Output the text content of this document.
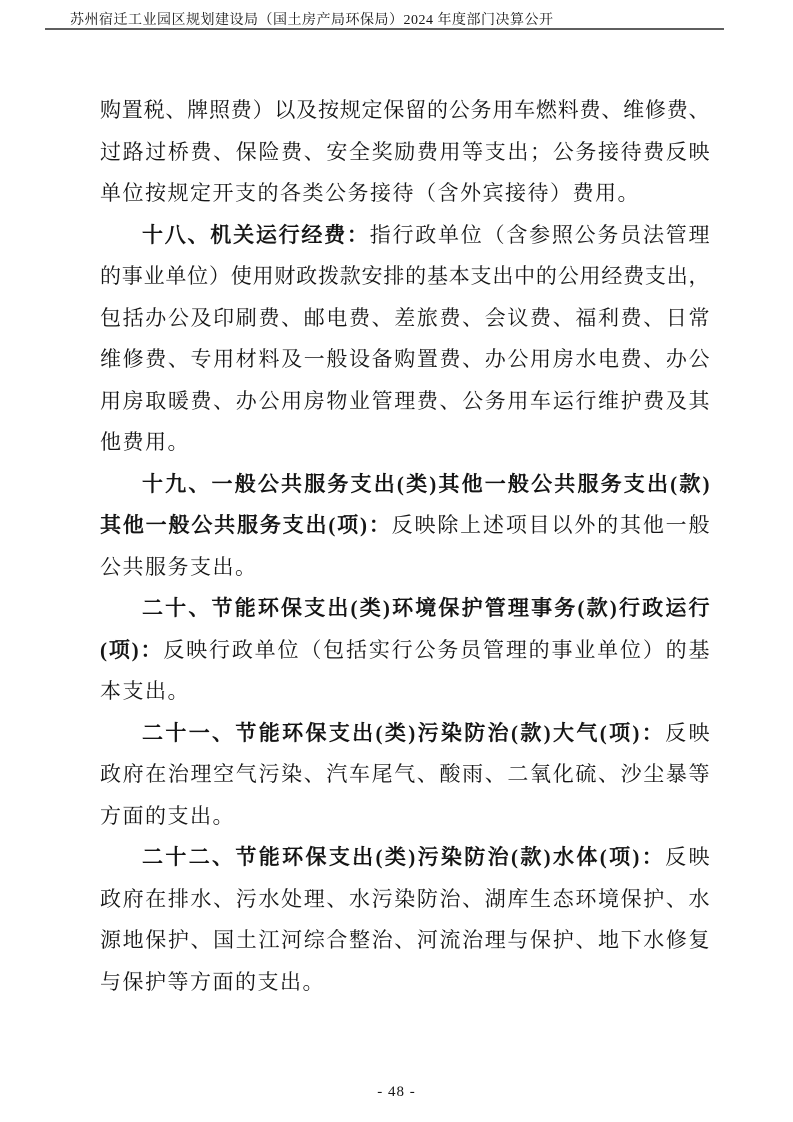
苏州宿迁工业园区规划建设局（国土房产局环保局）2024 年度部门决算公开
购置税、牌照费）以及按规定保留的公务用车燃料费、维修费、
过路过桥费、保险费、安全奖励费用等支出；公务接待费反映
单位按规定开支的各类公务接待（含外宾接待）费用。
十八、机关运行经费：指行政单位（含参照公务员法管理
的事业单位）使用财政拨款安排的基本支出中的公用经费支出，
包括办公及印刷费、邮电费、差旅费、会议费、福利费、日常
维修费、专用材料及一般设备购置费、办公用房水电费、办公
用房取暖费、办公用房物业管理费、公务用车运行维护费及其
他费用。
十九、一般公共服务支出(类)其他一般公共服务支出(款)
其他一般公共服务支出(项)：反映除上述项目以外的其他一般
公共服务支出。
二十、节能环保支出(类)环境保护管理事务(款)行政运行
(项)：反映行政单位（包括实行公务员管理的事业单位）的基
本支出。
二十一、节能环保支出(类)污染防治(款)大气(项)：反映
政府在治理空气污染、汽车尾气、酸雨、二氧化硫、沙尘暴等
方面的支出。
二十二、节能环保支出(类)污染防治(款)水体(项)：反映
政府在排水、污水处理、水污染防治、湖库生态环境保护、水
源地保护、国土江河综合整治、河流治理与保护、地下水修复
与保护等方面的支出。
- 48 -
